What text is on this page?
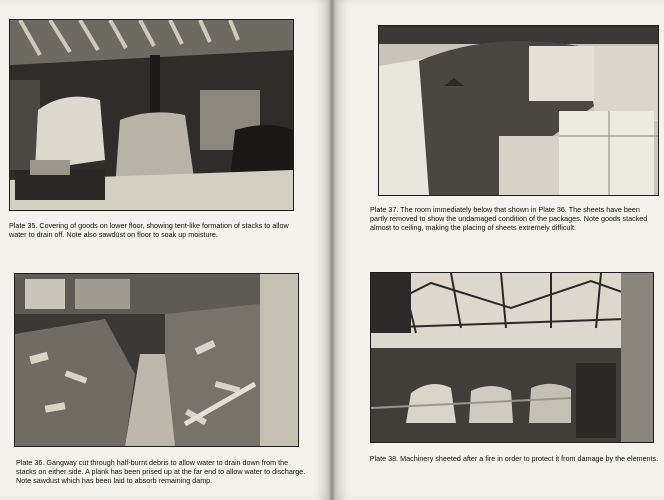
Plate 35. Covering of goods on lower floor, showing tent-like formation of stacks to allow water to drain off. Note also sawdust on floor to soak up moisture.
Plate 36. Gangway cut through half-burnt debris to allow water to drain down from the stacks on either side. A plank has been prised up at the far end to allow water to discharge. Note sawdust which has been laid to absorb remaining damp.
Plate 37. The room immediately below that shown in Plate 36. The sheets have been partly removed to show the undamaged condition of the packages. Note goods stacked almost to ceiling, making the placing of sheets extremely difficult.
Plate 38. Machinery sheeted after a fire in order to protect it from damage by the elements.
